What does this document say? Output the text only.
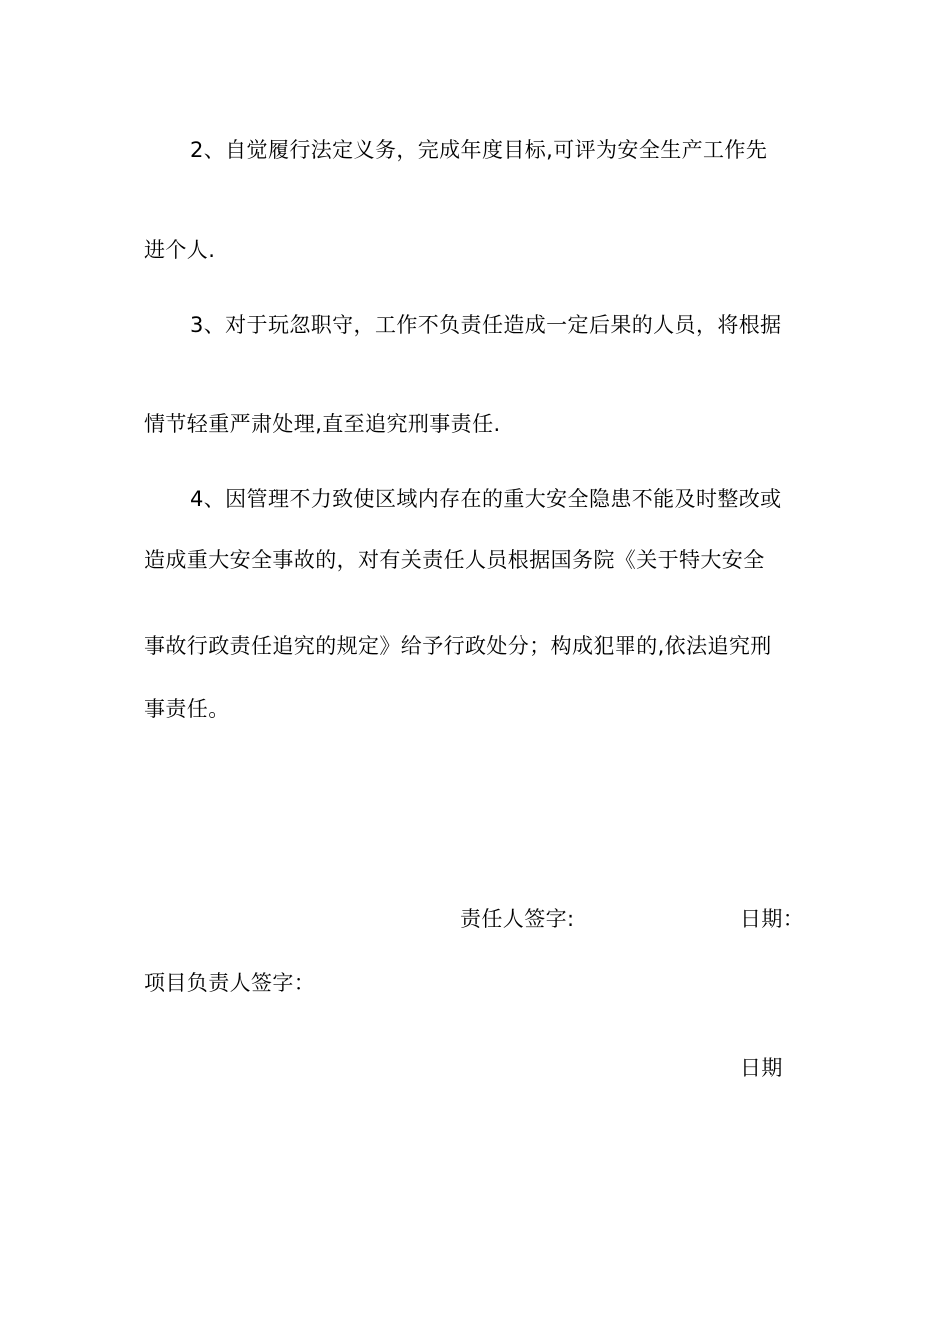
2、自觉履行法定义务，完成年度目标,可评为安全生产工作先
进个人.
3、对于玩忽职守，工作不负责任造成一定后果的人员，将根据
情节轻重严肃处理,直至追究刑事责任.
4、因管理不力致使区域内存在的重大安全隐患不能及时整改或
造成重大安全事故的，对有关责任人员根据国务院《关于特大安全
事故行政责任追究的规定》给予行政处分；构成犯罪的,依法追究刑
事责任。
责任人签字:	日期：
项目负责人签字：
日期
